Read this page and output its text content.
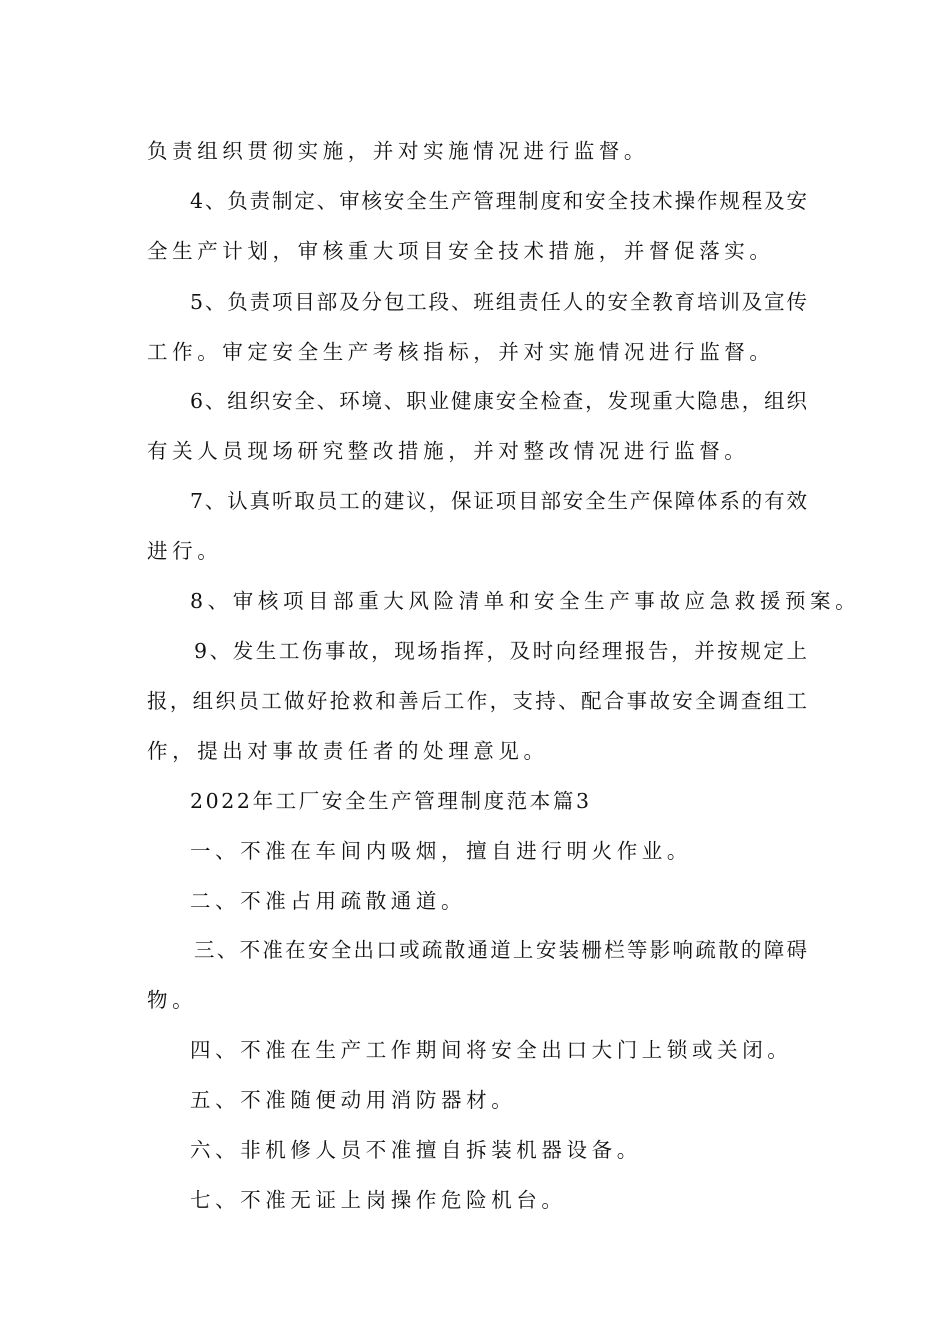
负责组织贯彻实施，并对实施情况进行监督。
4、负责制定、审核安全生产管理制度和安全技术操作规程及安
全生产计划，审核重大项目安全技术措施，并督促落实。
5、负责项目部及分包工段、班组责任人的安全教育培训及宣传
工作。审定安全生产考核指标，并对实施情况进行监督。
6、组织安全、环境、职业健康安全检查，发现重大隐患，组织
有关人员现场研究整改措施，并对整改情况进行监督。
7、认真听取员工的建议，保证项目部安全生产保障体系的有效
进行。
8、审核项目部重大风险清单和安全生产事故应急救援预案。
9、发生工伤事故，现场指挥，及时向经理报告，并按规定上
报，组织员工做好抢救和善后工作，支持、配合事故安全调查组工
作，提出对事故责任者的处理意见。
2022年工厂安全生产管理制度范本篇3
一、不准在车间内吸烟，擅自进行明火作业。
二、不准占用疏散通道。
三、不准在安全出口或疏散通道上安装栅栏等影响疏散的障碍
物。
四、不准在生产工作期间将安全出口大门上锁或关闭。
五、不准随便动用消防器材。
六、非机修人员不准擅自拆装机器设备。
七、不准无证上岗操作危险机台。
